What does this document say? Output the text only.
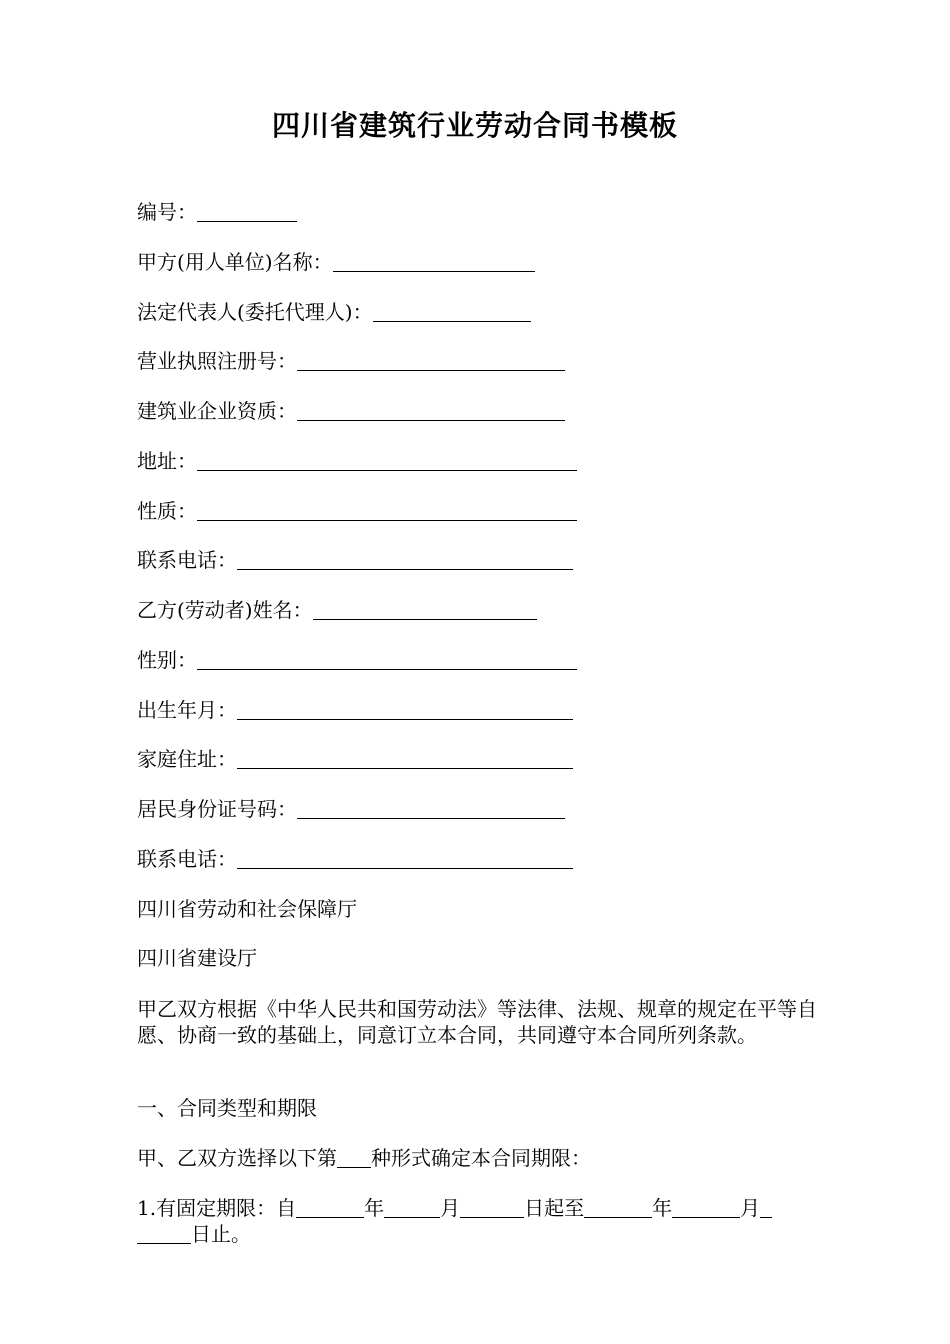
四川省建筑行业劳动合同书模板
编号：
甲方(用人单位)名称：
法定代表人(委托代理人)：
营业执照注册号：
建筑业企业资质：
地址：
性质：
联系电话：
乙方(劳动者)姓名：
性别：
出生年月：
家庭住址：
居民身份证号码：
联系电话：
四川省劳动和社会保障厅
四川省建设厅
甲乙双方根据《中华人民共和国劳动法》等法律、法规、规章的规定在平等自愿、协商一致的基础上，同意订立本合同，共同遵守本合同所列条款。
一、合同类型和期限
甲、乙双方选择以下第 种形式确定本合同期限：
1.有固定期限：自	年	月	日起至	年	月
日止。
